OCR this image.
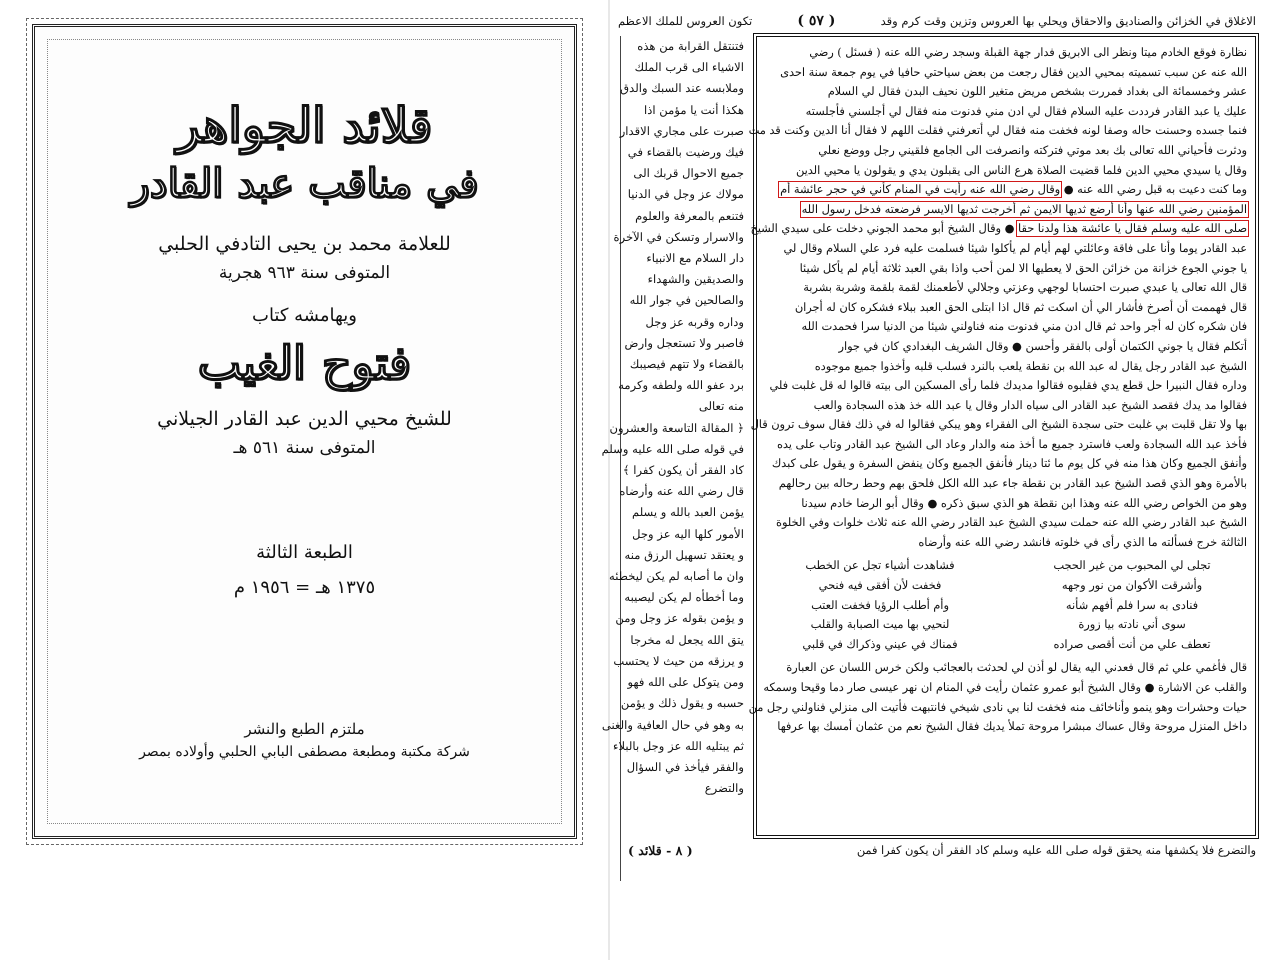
قلائد الجواهر
في مناقب عبد القادر
للعلامة محمد بن يحيى التادفي الحلبي
المتوفى سنة ٩٦٣ هجرية
ويهامشه كتاب
فتوح الغيب
للشيخ محيي الدين عبد القادر الجيلاني
المتوفى سنة ٥٦١ هـ
الطبعة الثالثة
١٣٧٥ هـ = ١٩٥٦ م
ملتزم الطبع والنشر
شركة مكتبة ومطبعة مصطفى البابي الحلبي وأولاده بمصر
الاغلاق في الخزائن والصناديق والاحقاق ويحلي بها العروس وتزين وقت كرم وقد
( ٥٧ )
تكون العروس للملك الاعظم
نظارة فوقع الخادم ميتا ونظر الى الابريق فدار جهة القبلة وسجد رضي الله عنه ( فسئل ) رضي
الله عنه عن سبب تسميته بمحيي الدين فقال رجعت من بعض سياحتي حافيا في يوم جمعة سنة احدى
عشر وخمسمائة الى بغداد فمررت بشخص مريض متغير اللون نحيف البدن فقال لي السلام
عليك يا عبد القادر فرددت عليه السلام فقال لي ادن مني فدنوت منه فقال لي أجلسني فأجلسته
فنما جسده وحسنت حاله وصفا لونه فخفت منه فقال لي أتعرفني فقلت اللهم لا فقال أنا الدين وكنت قد مت
ودثرت فأحياني الله تعالى بك بعد موتي فتركته وانصرفت الى الجامع فلقيني رجل ووضع نعلي
وقال يا سيدي محيي الدين فلما قضيت الصلاة هرع الناس الى يقبلون يدي و يقولون يا محيي الدين
وما كنت دعيت به قبل رضي الله عنه ● وقال رضي الله عنه رأيت في المنام كأني في حجر عائشة أم
المؤمنين رضي الله عنها وأنا أرضع ثديها الايمن ثم أخرجت ثديها الايسر فرضعته فدخل رسول الله
صلى الله عليه وسلم فقال يا عائشة هذا ولدنا حقا ● وقال الشيخ أبو محمد الجوني دخلت على سيدي الشيخ
عبد القادر يوما وأنا على فاقة وعائلتي لهم أيام لم يأكلوا شيئا فسلمت عليه فرد علي السلام وقال لي
يا جوني الجوع خزانة من خزائن الحق لا يعطيها الا لمن أحب واذا بقي العبد ثلاثة أيام لم يأكل شيئا
قال الله تعالى يا عبدي صبرت احتسابا لوجهي وعزتي وجلالي لأطعمنك لقمة بلقمة وشربة بشربة
قال فهممت أن أصرخ فأشار الي أن اسكت ثم قال اذا ابتلى الحق العبد ببلاء فشكره كان له أجران
فان شكره كان له أجر واحد ثم قال ادن مني فدنوت منه فناولني شيئا من الدنيا سرا فحمدت الله
أتكلم فقال يا جوني الكتمان أولى بالفقر وأحسن ● وقال الشريف البغدادي كان في جوار
الشيخ عبد القادر رجل يقال له عبد الله بن نقطة يلعب بالنرد فسلب قلبه وأخذوا جميع موجوده
وداره فقال النبيرا حل قطع يدي فقلبوه فقالوا مديدك فلما رأى المسكين الى بيته قالوا له قل غلبت فلي
فقالوا مد يدك فقصد الشيخ عبد القادر الى سياه الدار وقال يا عبد الله خذ هذه السجادة والعب
بها ولا تقل قلبت بي غلبت حتى سجدة الشيخ الى الفقراء وهو يبكي فقالوا له في ذلك فقال سوف ترون قال
فأخذ عبد الله السجادة ولعب فاسترد جميع ما أخذ منه والدار وعاد الى الشيخ عبد القادر وتاب على يده
وأنفق الجميع وكان هذا منه في كل يوم ما ئتا دينار فأنفق الجميع وكان ينفض السفرة و يقول على كبدك
بالأمرة وهو الذي قصد الشيخ عبد القادر بن نقطة جاء عبد الله الكل فلحق بهم وحط رحاله بين رحالهم
وهو من الخواص رضي الله عنه وهذا ابن نقطة هو الذي سبق ذكره ● وقال أبو الرضا خادم سيدنا
الشيخ عبد القادر رضي الله عنه حملت سيدي الشيخ عبد القادر رضي الله عنه ثلاث خلوات وفي الخلوة
الثالثة خرج فسألته ما الذي رأى في خلوته فانشد رضي الله عنه وأرضاه
تجلى لي المحبوب من غير الحجب
فشاهدت أشياء تجل عن الخطب
وأشرقت الأكوان من نور وجهه
فخفت لأن أفقى فيه فنحي
فنادى به سرا فلم أفهم شأنه
وأم أطلب الرؤيا فخفت العتب
سوى أني نادته بيا زورة
لنحيي بها ميت الصبابة والقلب
تعطف علي من أنت أقصى صراده
فمناك في عيني وذكراك في قلبي
قال فأغمي علي ثم قال فعدني اليه يقال لو أذن لي لحدثت بالعجائب ولكن خرس اللسان عن العبارة
والقلب عن الاشارة ● وقال الشيخ أبو عمرو عثمان رأيت في المنام ان نهر عيسى صار دما وقيحا وسمكه
حيات وحشرات وهو ينمو وأناخائف منه فخفت لنا بي نادى شيخي فانتبهت فأتيت الى منزلي فناولني رجل من
داخل المنزل مروحة وقال عساك مبشرا مروحة تملأ يديك فقال الشيخ نعم من عثمان أمسك بها عرفها
فتنتقل القرابة من هذه
الاشياء الى قرب الملك
وملابسه عند السبك والدق
هكذا أنت يا مؤمن اذا
صبرت على مجاري الاقدار
فيك ورضيت بالقضاء في
جميع الاحوال قربك الى
مولاك عز وجل في الدنيا
فتنعم بالمعرفة والعلوم
والاسرار وتسكن في الآخرة
دار السلام مع الانبياء
والصديقين والشهداء
والصالحين في جوار الله
وداره وقربه عز وجل
فاصبر ولا تستعجل وارض
بالقضاء ولا تتهم فيصيبك
برد عفو الله ولطفه وكرمه
منه تعالى
﴿ المقالة التاسعة والعشرون
في قوله صلى الله عليه وسلم
كاد الفقر أن يكون كفرا ﴾
قال رضي الله عنه وأرضاه
يؤمن العبد بالله و يسلم
الأمور كلها اليه عز وجل
و يعتقد تسهيل الرزق منه
وان ما أصابه لم يكن ليخطئه
وما أخطأه لم يكن ليصيبه
و يؤمن بقوله عز وجل ومن
يتق الله يجعل له مخرجا
و يرزقه من حيث لا يحتسب
ومن يتوكل على الله فهو
حسبه و يقول ذلك و يؤمن
به وهو في حال العافية والغنى
ثم يبتليه الله عز وجل بالبلاء
والفقر فيأخذ في السؤال
والتضرع
والتضرع فلا يكشفها منه يحقق قوله صلى الله عليه وسلم كاد الفقر أن يكون كفرا فمن
( ٨ - قلائد )
